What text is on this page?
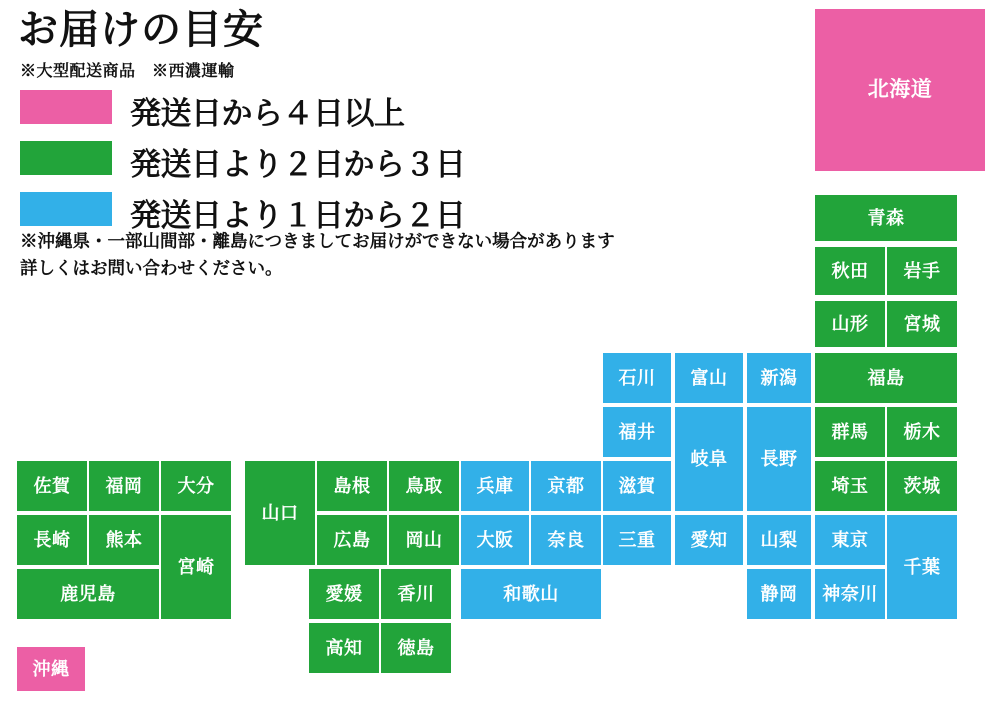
お届けの目安
※大型配送商品　※西濃運輸
発送日から４日以上
発送日より２日から３日
発送日より１日から２日
※沖縄県・一部山間部・離島につきましてお届けができない場合があります
詳しくはお問い合わせください。
北海道
青森
秋田	岩手
山形	宮城
石川	富山	新潟	福島
福井
岐阜	長野
群馬	栃木
滋賀	埼玉	茨城
佐賀	福岡	大分
山口
島根	鳥取	兵庫	京都
長崎	熊本
宮崎
広島	岡山	大阪	奈良	三重	愛知	山梨	東京
千葉
鹿児島	愛媛	香川	和歌山	静岡	神奈川
高知	徳島
沖縄
